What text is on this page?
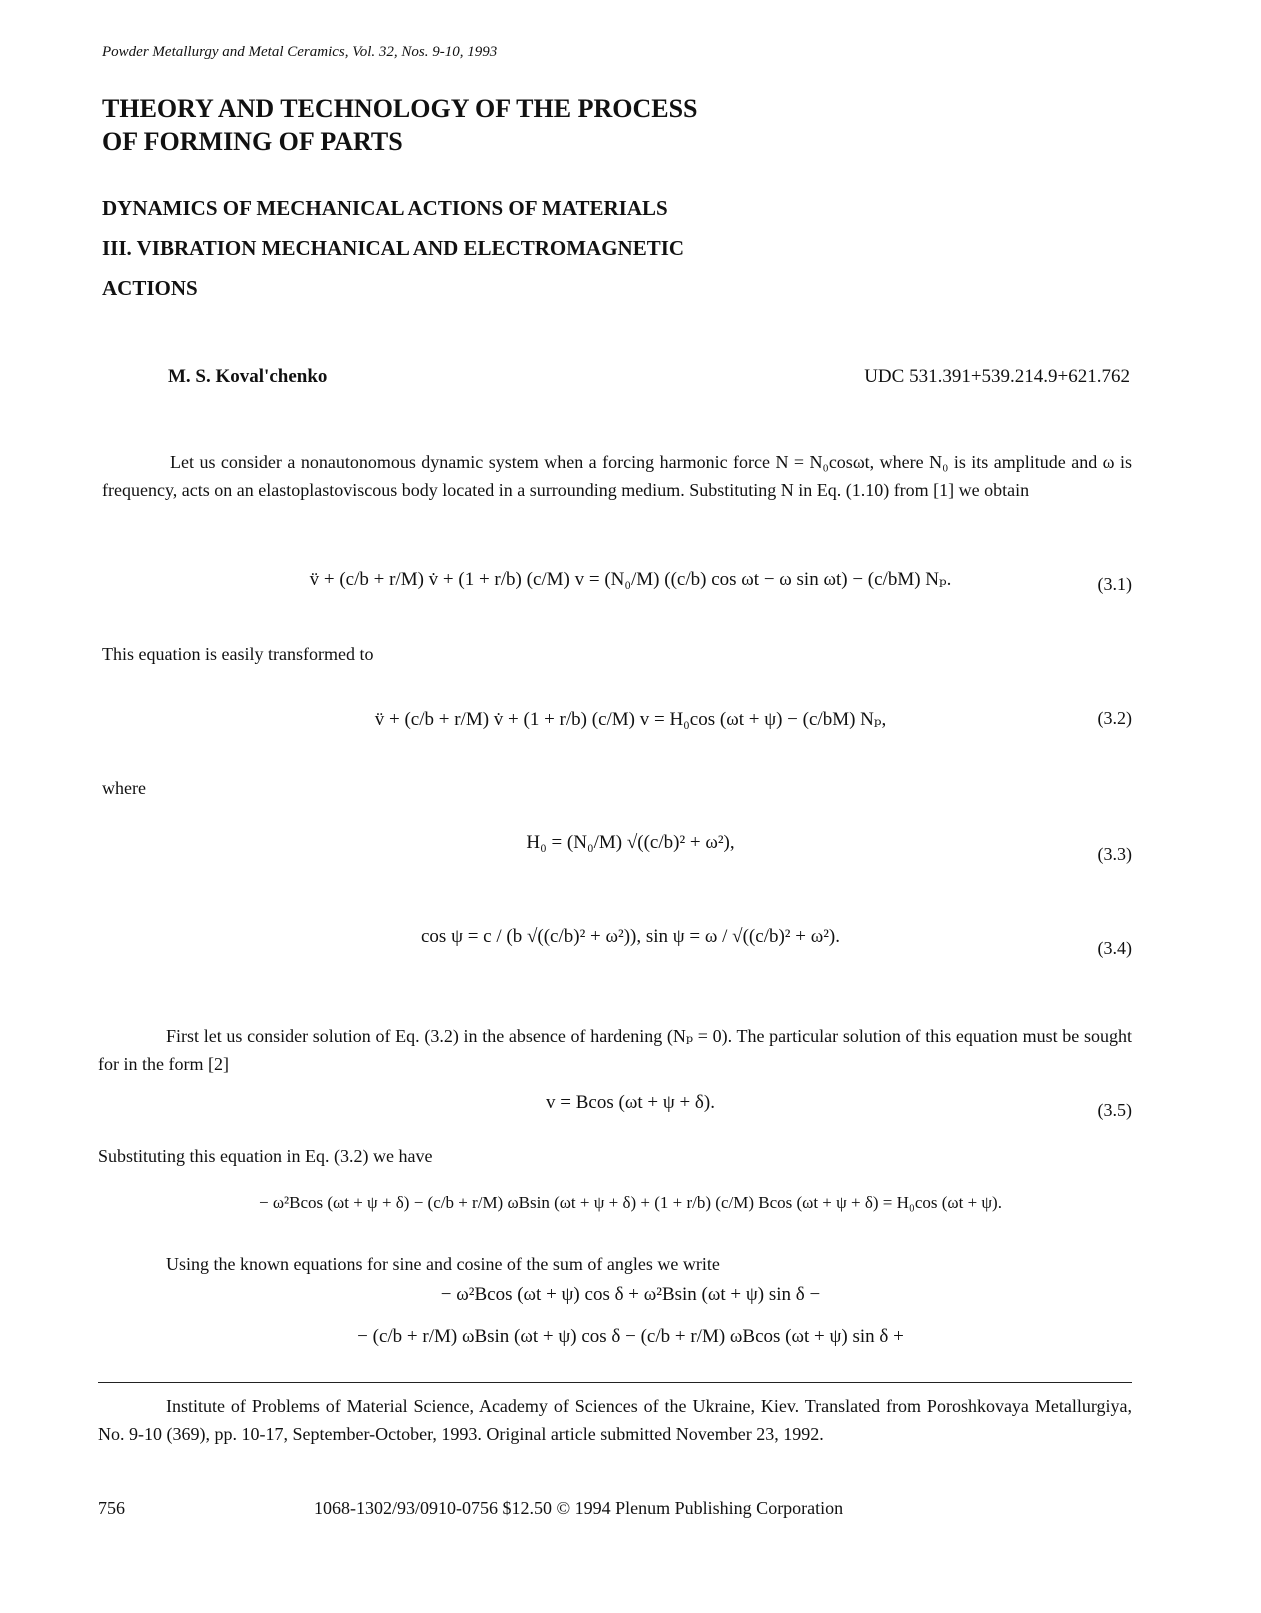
Powder Metallurgy and Metal Ceramics, Vol. 32, Nos. 9-10, 1993

THEORY AND TECHNOLOGY OF THE PROCESS
OF FORMING OF PARTS
DYNAMICS OF MECHANICAL ACTIONS OF MATERIALS
III. VIBRATION MECHANICAL AND ELECTROMAGNETIC
ACTIONS

M. S. Koval'chenko	UDC 531.391+539.214.9+621.762

Let us consider a nonautonomous dynamic system when a forcing harmonic force N = N₀cosωt, where N₀ is its amplitude and ω is frequency, acts on an elastoplastoviscous body located in a surrounding medium. Substituting N in Eq. (1.10) from [1] we obtain

v̈ + (c/b + r/M) v̇ + (1 + r/b) (c/M) v = (N₀/M) ((c/b) cos ωt − ω sin ωt) − (c/bM) Nₚ.	(3.1)

This equation is easily transformed to

v̈ + (c/b + r/M) v̇ + (1 + r/b) (c/M) v = H₀cos (ωt + ψ) − (c/bM) Nₚ,	(3.2)

where

H₀ = (N₀/M) √((c/b)² + ω²),

(3.3)

cos ψ = c / (b √((c/b)² + ω²)), sin ψ = ω / √((c/b)² + ω²).

(3.4)

First let us consider solution of Eq. (3.2) in the absence of hardening (Nₚ = 0). The particular solution of this equation must be sought for in the form [2]

v = Bcos (ωt + ψ + δ).	(3.5)

Substituting this equation in Eq. (3.2) we have

− ω²Bcos (ωt + ψ + δ) − (c/b + r/M) ωBsin (ωt + ψ + δ) + (1 + r/b) (c/M) Bcos (ωt + ψ + δ) = H₀cos (ωt + ψ).

Using the known equations for sine and cosine of the sum of angles we write

− ω²Bcos (ωt + ψ) cos δ + ω²Bsin (ωt + ψ) sin δ −
− (c/b + r/M) ωBsin (ωt + ψ) cos δ − (c/b + r/M) ωBcos (ωt + ψ) sin δ +

Institute of Problems of Material Science, Academy of Sciences of the Ukraine, Kiev. Translated from Poroshkovaya Metallurgiya, No. 9-10 (369), pp. 10-17, September-October, 1993. Original article submitted November 23, 1992.

756	1068-1302/93/0910-0756 $12.50 © 1994 Plenum Publishing Corporation
